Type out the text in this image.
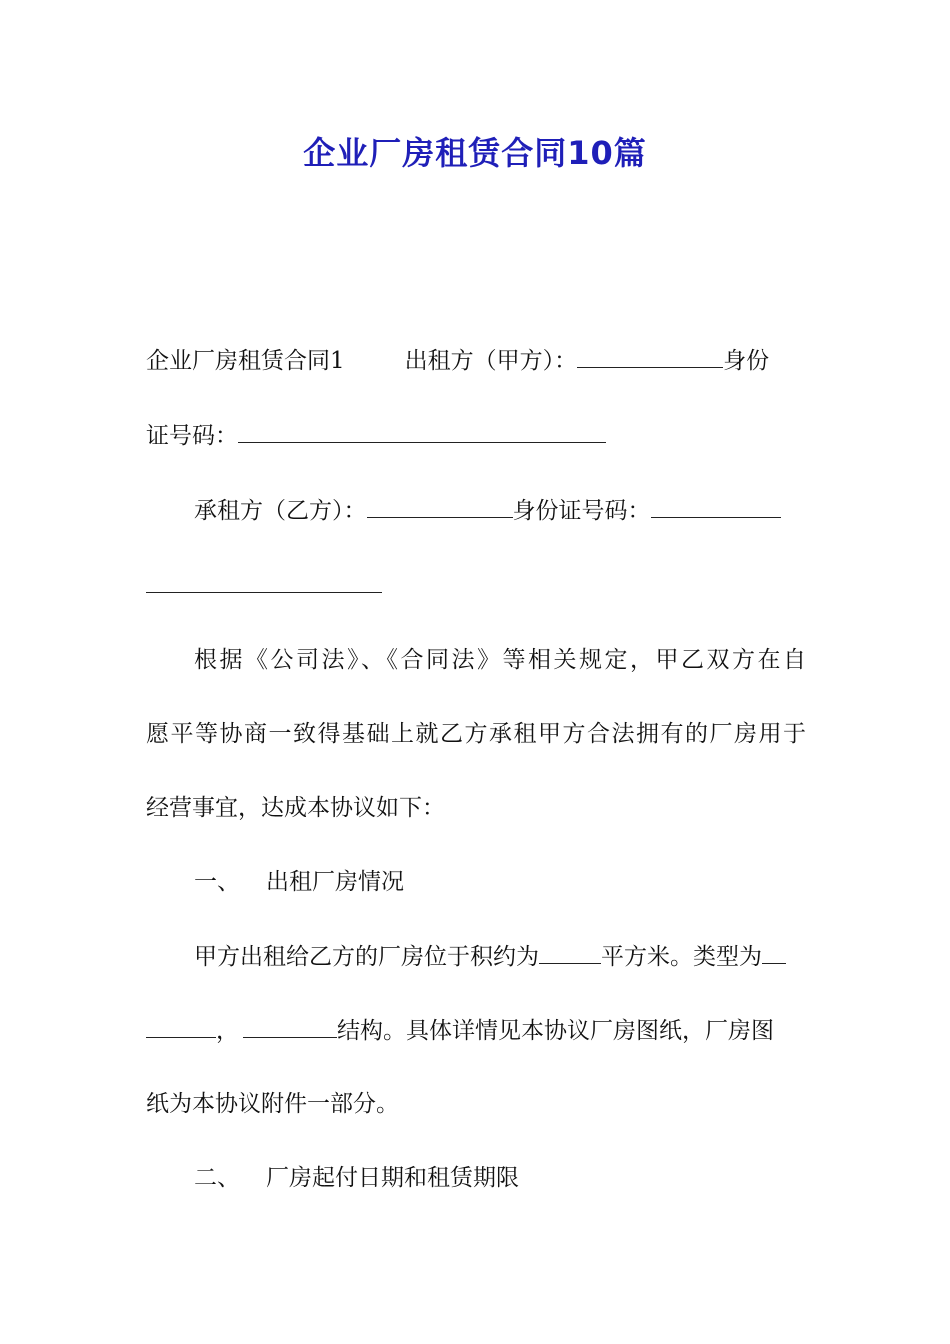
企业厂房租赁合同10篇

企业厂房租赁合同1	出租方（甲方）：	身份

证号码：

承租方（乙方）：	身份证号码：

根据《公司法》、《合同法》等相关规定，甲乙双方在自

愿平等协商一致得基础上就乙方承租甲方合法拥有的厂房用于

经营事宜，达成本协议如下：

一、 出租厂房情况

甲方出租给乙方的厂房位于积约为	平方米。类型为

，	结构。具体详情见本协议厂房图纸，厂房图

纸为本协议附件一部分。

二、 厂房起付日期和租赁期限
